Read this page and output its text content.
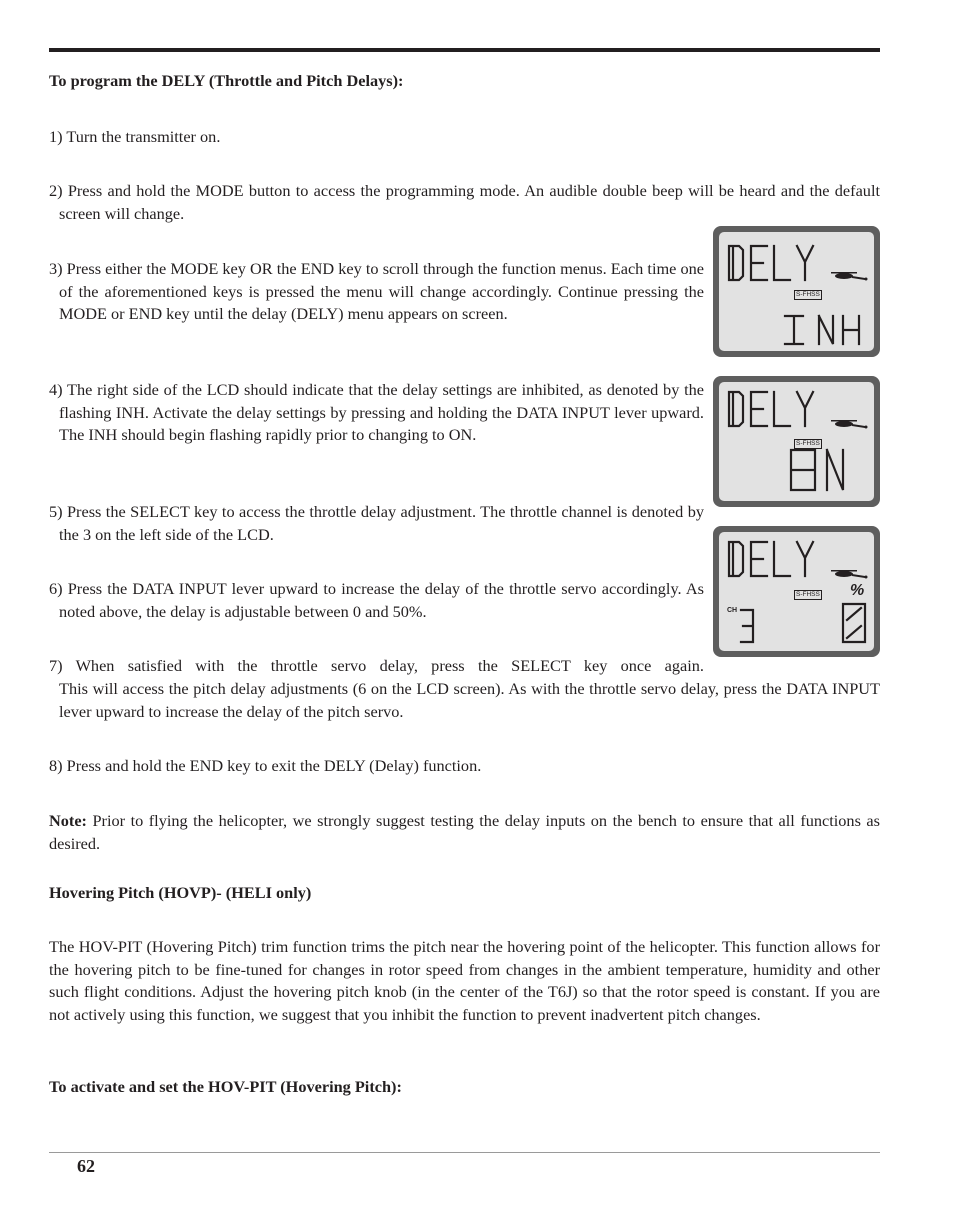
To program the DELY (Throttle and Pitch Delays):
1) Turn the transmitter on.
2) Press and hold the MODE button to access the programming mode. An audible double beep will be heard and the default screen will change.
3) Press either the MODE key OR the END key to scroll through the function menus. Each time one of the aforementioned keys is pressed the menu will change accordingly. Continue pressing the MODE or END key until the delay (DELY) menu appears on screen.
4) The right side of the LCD should indicate that the delay settings are inhibited, as denoted by the flashing INH. Activate the delay settings by pressing and holding the DATA INPUT lever upward. The INH should begin flashing rapidly prior to changing to ON.
5) Press the SELECT key to access the throttle delay adjustment. The throttle channel is denoted by the 3 on the left side of the LCD.
6) Press the DATA INPUT lever upward to increase the delay of the throttle servo accordingly. As noted above, the delay is adjustable between 0 and 50%.
7) When satisfied with the throttle servo delay, press the SELECT key once again.
This will access the pitch delay adjustments (6 on the LCD screen). As with the throttle servo delay, press the DATA INPUT lever upward to increase the delay of the pitch servo.
8) Press and hold the END key to exit the DELY (Delay) function.
Note: Prior to flying the helicopter, we strongly suggest testing the delay inputs on the bench to ensure that all functions as desired.
Hovering Pitch (HOVP)- (HELI only)
The HOV-PIT (Hovering Pitch) trim function trims the pitch near the hovering point of the helicopter. This function allows for the hovering pitch to be fine-tuned for changes in rotor speed from changes in the ambient temperature, humidity and other such flight conditions. Adjust the hovering pitch knob (in the center of the T6J) so that the rotor speed is constant. If you are not actively using this function, we suggest that you inhibit the function to prevent inadvertent pitch changes.
To activate and set the HOV-PIT (Hovering Pitch):
S-FHSS
S-FHSS
S-FHSS
CH
%
62
